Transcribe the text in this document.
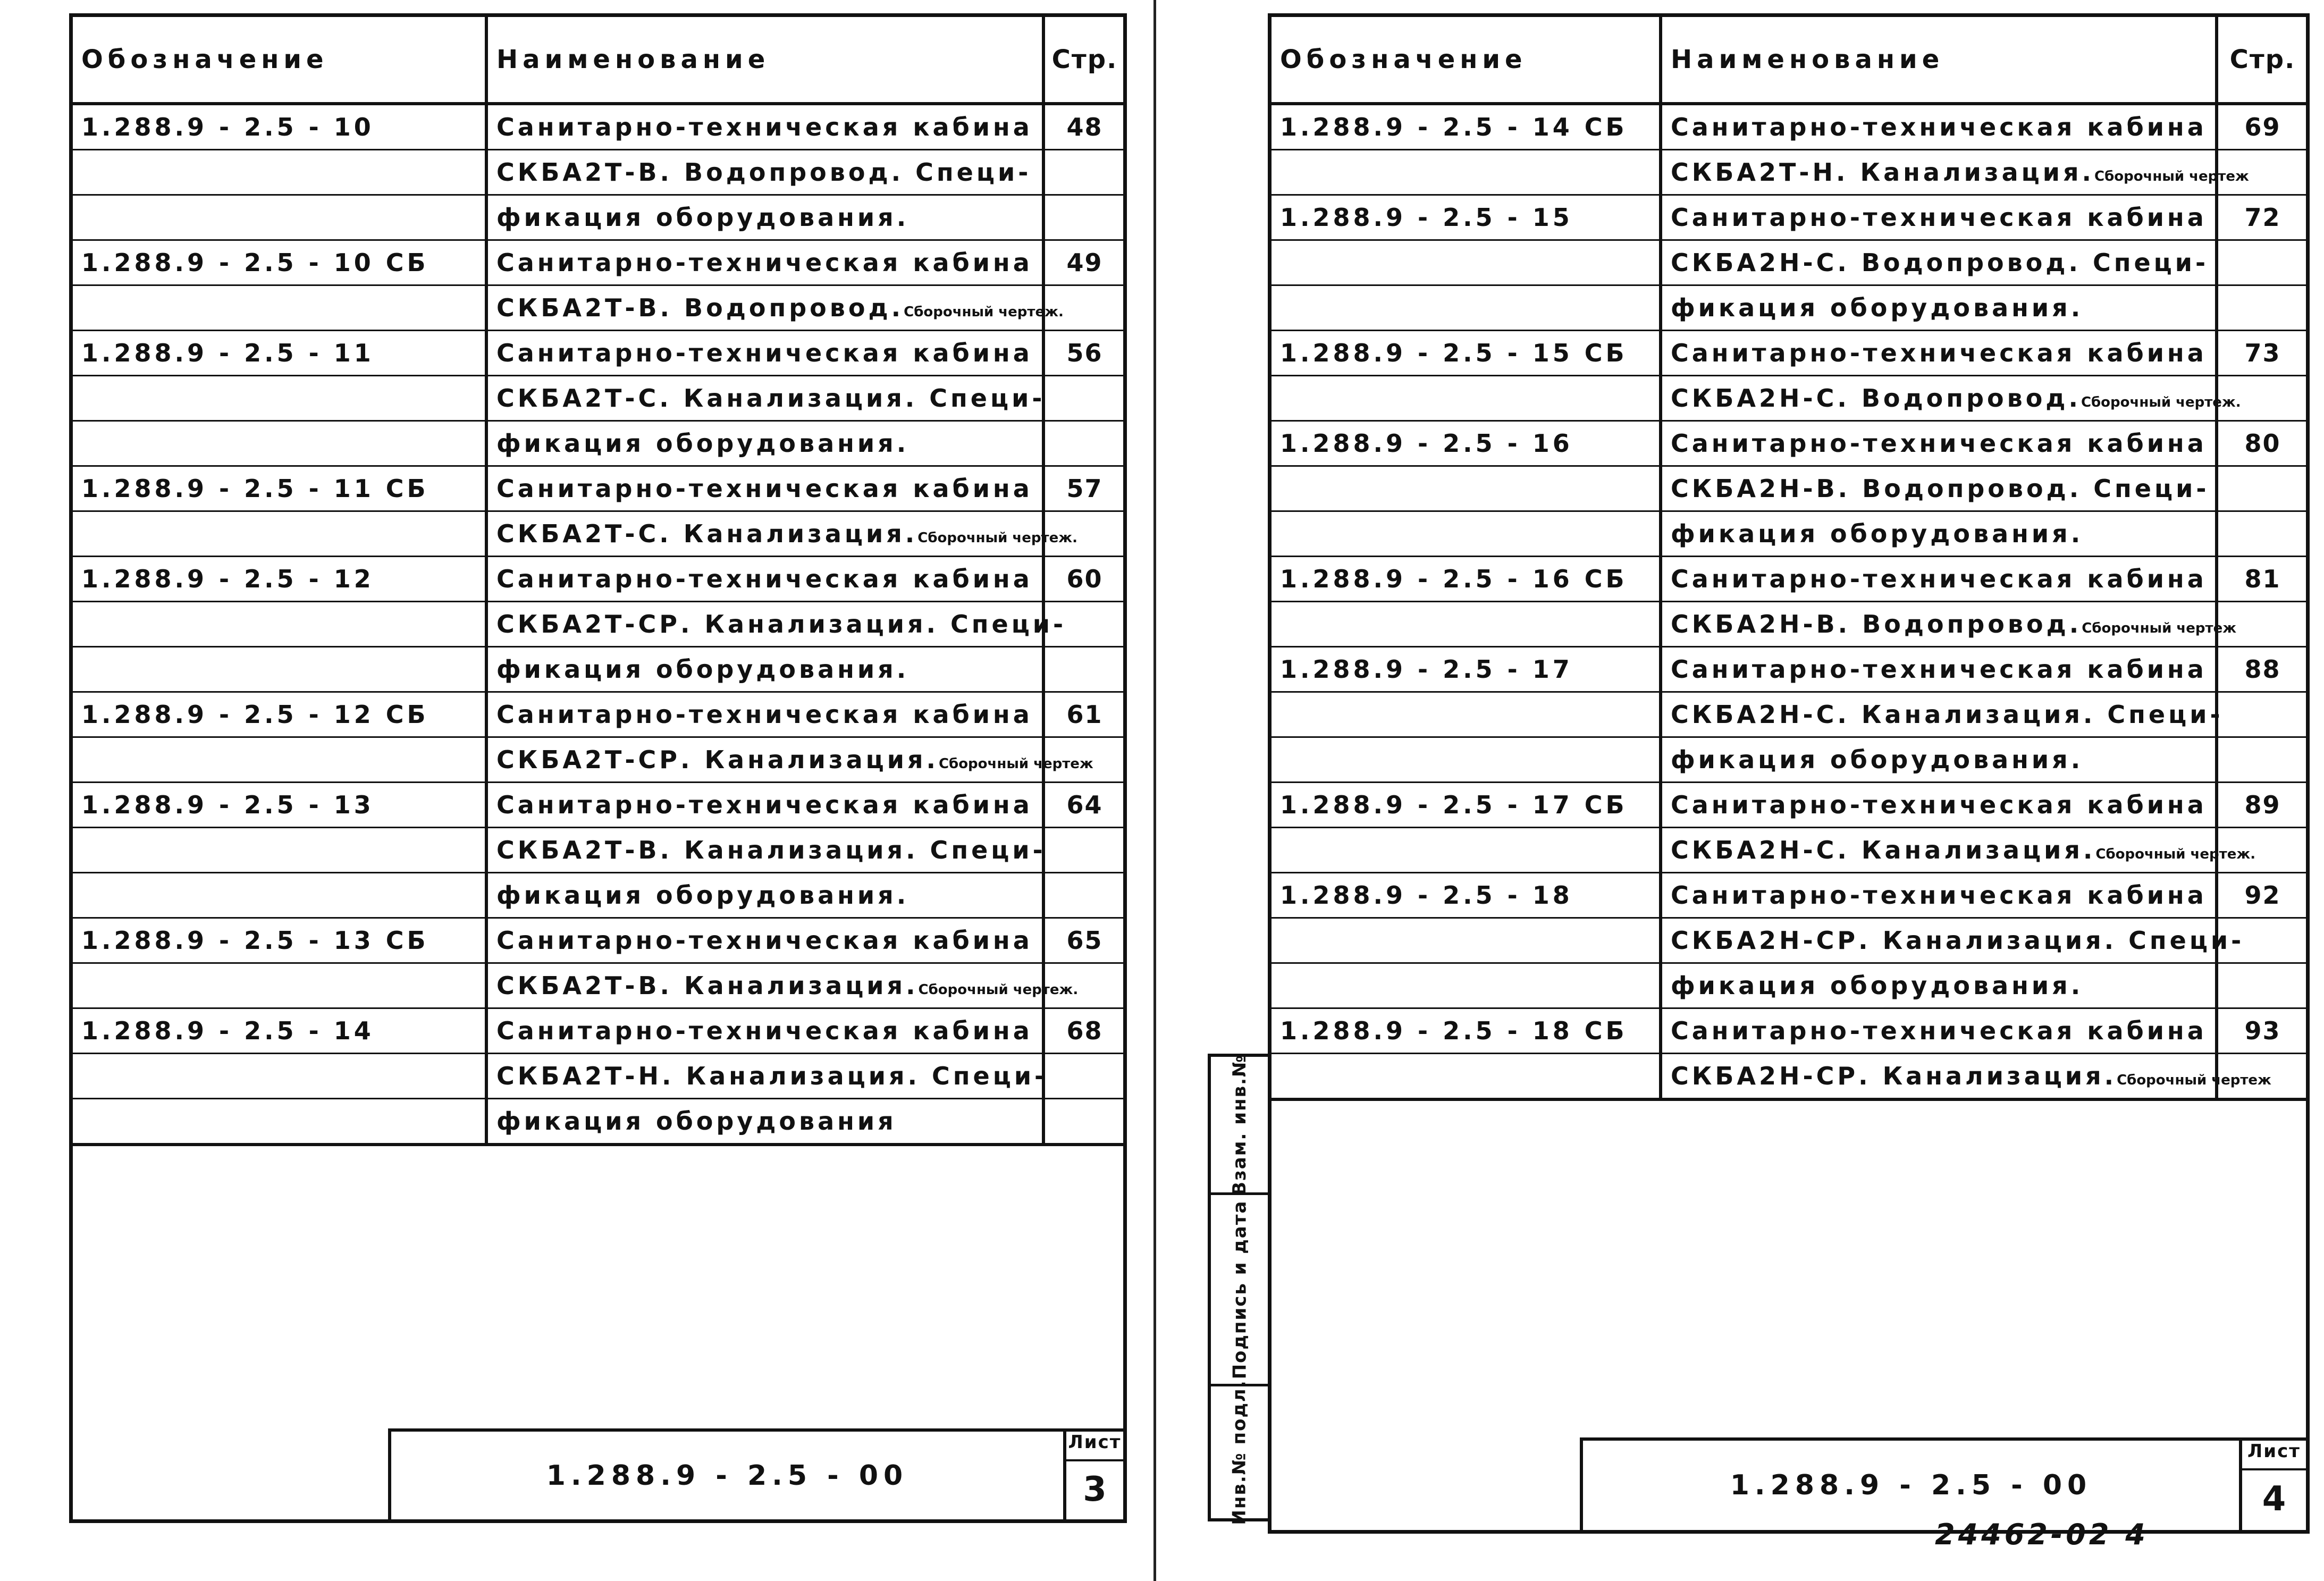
Обозначение	Наименование	Стр.
1.288.9 - 2.5 - 10	Санитарно-техническая кабина	48
	СКБА2Т-В. Водопровод. Специ-	
	фикация оборудования.	
1.288.9 - 2.5 - 10 СБ	Санитарно-техническая кабина	49
	СКБА2Т-В. Водопровод.Сборочный чертеж.	
1.288.9 - 2.5 - 11	Санитарно-техническая кабина	56
	СКБА2Т-С. Канализация. Специ-	
	фикация оборудования.	
1.288.9 - 2.5 - 11 СБ	Санитарно-техническая кабина	57
	СКБА2Т-С. Канализация.Сборочный чертеж.	
1.288.9 - 2.5 - 12	Санитарно-техническая кабина	60
	СКБА2Т-СР. Канализация. Специ-	
	фикация оборудования.	
1.288.9 - 2.5 - 12 СБ	Санитарно-техническая кабина	61
	СКБА2Т-СР. Канализация.Сборочный чертеж	
1.288.9 - 2.5 - 13	Санитарно-техническая кабина	64
	СКБА2Т-В. Канализация. Специ-	
	фикация оборудования.	
1.288.9 - 2.5 - 13 СБ	Санитарно-техническая кабина	65
	СКБА2Т-В. Канализация.Сборочный чертеж.	
1.288.9 - 2.5 - 14	Санитарно-техническая кабина	68
	СКБА2Т-Н. Канализация. Специ-	
	фикация оборудования	
1.288.9 - 2.5 - 00
Лист
3
Обозначение	Наименование	Стр.
1.288.9 - 2.5 - 14 СБ	Санитарно-техническая кабина	69
	СКБА2Т-Н. Канализация.Сборочный чертеж	
1.288.9 - 2.5 - 15	Санитарно-техническая кабина	72
	СКБА2Н-С. Водопровод. Специ-	
	фикация оборудования.	
1.288.9 - 2.5 - 15 СБ	Санитарно-техническая кабина	73
	СКБА2Н-С. Водопровод.Сборочный чертеж.	
1.288.9 - 2.5 - 16	Санитарно-техническая кабина	80
	СКБА2Н-В. Водопровод. Специ-	
	фикация оборудования.	
1.288.9 - 2.5 - 16 СБ	Санитарно-техническая кабина	81
	СКБА2Н-В. Водопровод.Сборочный чертеж	
1.288.9 - 2.5 - 17	Санитарно-техническая кабина	88
	СКБА2Н-С. Канализация. Специ-	
	фикация оборудования.	
1.288.9 - 2.5 - 17 СБ	Санитарно-техническая кабина	89
	СКБА2Н-С. Канализация.Сборочный чертеж.	
1.288.9 - 2.5 - 18	Санитарно-техническая кабина	92
	СКБА2Н-СР. Канализация. Специ-	
	фикация оборудования.	
1.288.9 - 2.5 - 18 СБ	Санитарно-техническая кабина	93
	СКБА2Н-СР. Канализация.Сборочный чертеж	
Взам. инв.№
Подпись и дата
Инв.№ подл.	1.288.9 - 2.5 - 00
Лист
4
24462-02 4
